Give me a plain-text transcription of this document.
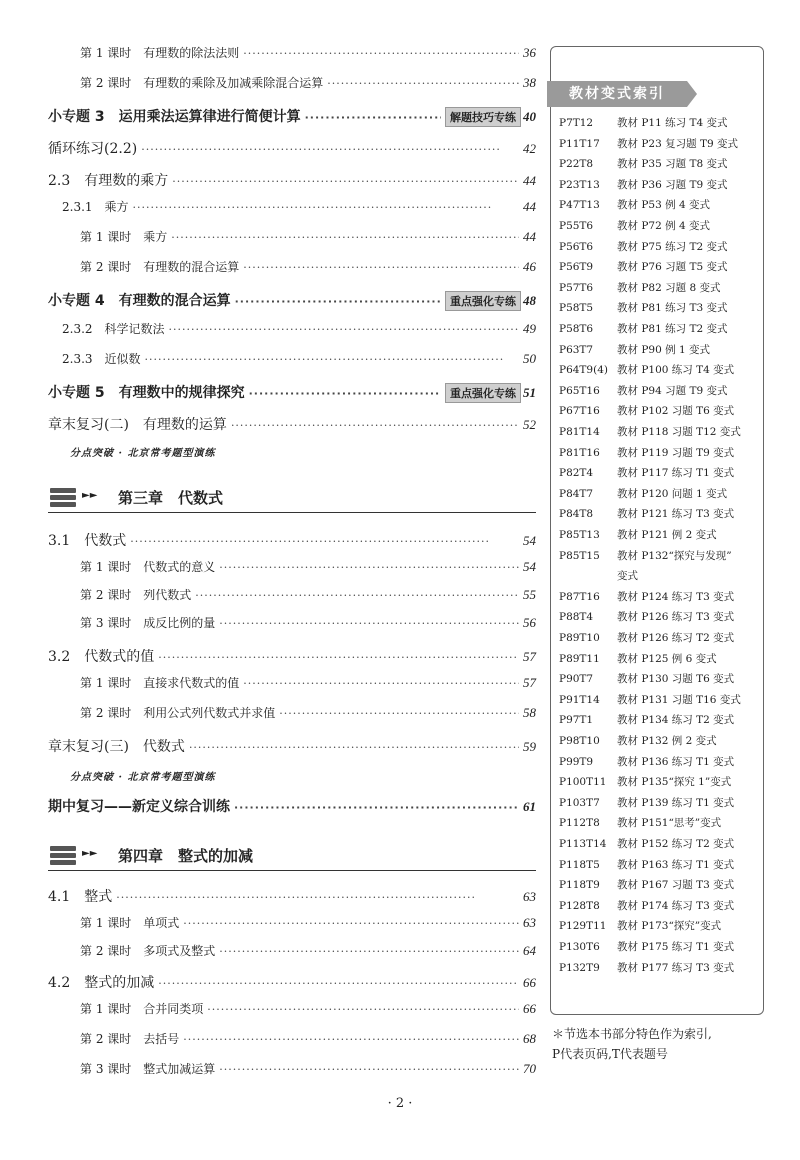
第 1 课时　有理数的除法法则 ·····	36
第 2 课时　有理数的乘除及加减乘除混合运算 ·····	38
小专题 3　运用乘法运算律进行简便计算 ·····	解题技巧专练 40
循环练习(2.2) ·····	42
2.3　有理数的乘方 ·····	44
2.3.1　乘方 ·····	44
第 1 课时　乘方 ·····	44
第 2 课时　有理数的混合运算 ·····	46
小专题 4　有理数的混合运算 ·····	重点强化专练 48
2.3.2　科学记数法 ·····	49
2.3.3　近似数 ·····	50
小专题 5　有理数中的规律探究 ·····	重点强化专练 51
章末复习(二)　有理数的运算 ·····	52
分点突破 · 北京常考题型演练
►► 第三章　代数式
3.1　代数式 ·····	54
第 1 课时　代数式的意义 ·····	54
第 2 课时　列代数式 ·····	55
第 3 课时　成反比例的量 ·····	56
3.2　代数式的值 ·····	57
第 1 课时　直接求代数式的值 ·····	57
第 2 课时　利用公式列代数式并求值 ·····	58
章末复习(三)　代数式 ·····	59
分点突破 · 北京常考题型演练
期中复习——新定义综合训练 ·····	61
►► 第四章　整式的加减
4.1　整式 ·····	63
第 1 课时　单项式 ·····	63
第 2 课时　多项式及整式 ·····	64
4.2　整式的加减 ·····	66
第 1 课时　合并同类项 ·····	66
第 2 课时　去括号 ·····	68
第 3 课时　整式加减运算 ·····	70
教材变式索引
P7T12 教材 P11 练习 T4 变式
P11T17 教材 P23 复习题 T9 变式
P22T8 教材 P35 习题 T8 变式
P23T13 教材 P36 习题 T9 变式
P47T13 教材 P53 例 4 变式
P55T6 教材 P72 例 4 变式
P56T6 教材 P75 练习 T2 变式
P56T9 教材 P76 习题 T5 变式
P57T6 教材 P82 习题 8 变式
P58T5 教材 P81 练习 T3 变式
P58T6 教材 P81 练习 T2 变式
P63T7 教材 P90 例 1 变式
P64T9(4) 教材 P100 练习 T4 变式
P65T16 教材 P94 习题 T9 变式
P67T16 教材 P102 习题 T6 变式
P81T14 教材 P118 习题 T12 变式
P81T16 教材 P119 习题 T9 变式
P82T4 教材 P117 练习 T1 变式
P84T7 教材 P120 问题 1 变式
P84T8 教材 P121 练习 T3 变式
P85T13 教材 P121 例 2 变式
P85T15 教材 P132“探究与发现”
变式
P87T16 教材 P124 练习 T3 变式
P88T4 教材 P126 练习 T3 变式
P89T10 教材 P126 练习 T2 变式
P89T11 教材 P125 例 6 变式
P90T7 教材 P130 习题 T6 变式
P91T14 教材 P131 习题 T16 变式
P97T1 教材 P134 练习 T2 变式
P98T10 教材 P132 例 2 变式
P99T9 教材 P136 练习 T1 变式
P100T11 教材 P135“探究 1”变式
P103T7 教材 P139 练习 T1 变式
P112T8 教材 P151“思考”变式
P113T14 教材 P152 练习 T2 变式
P118T5 教材 P163 练习 T1 变式
P118T9 教材 P167 习题 T3 变式
P128T8 教材 P174 练习 T3 变式
P129T11 教材 P173“探究”变式
P130T6 教材 P175 练习 T1 变式
P132T9 教材 P177 练习 T3 变式
＊节选本书部分特色作为索引,
P代表页码,T代表题号
· 2 ·
